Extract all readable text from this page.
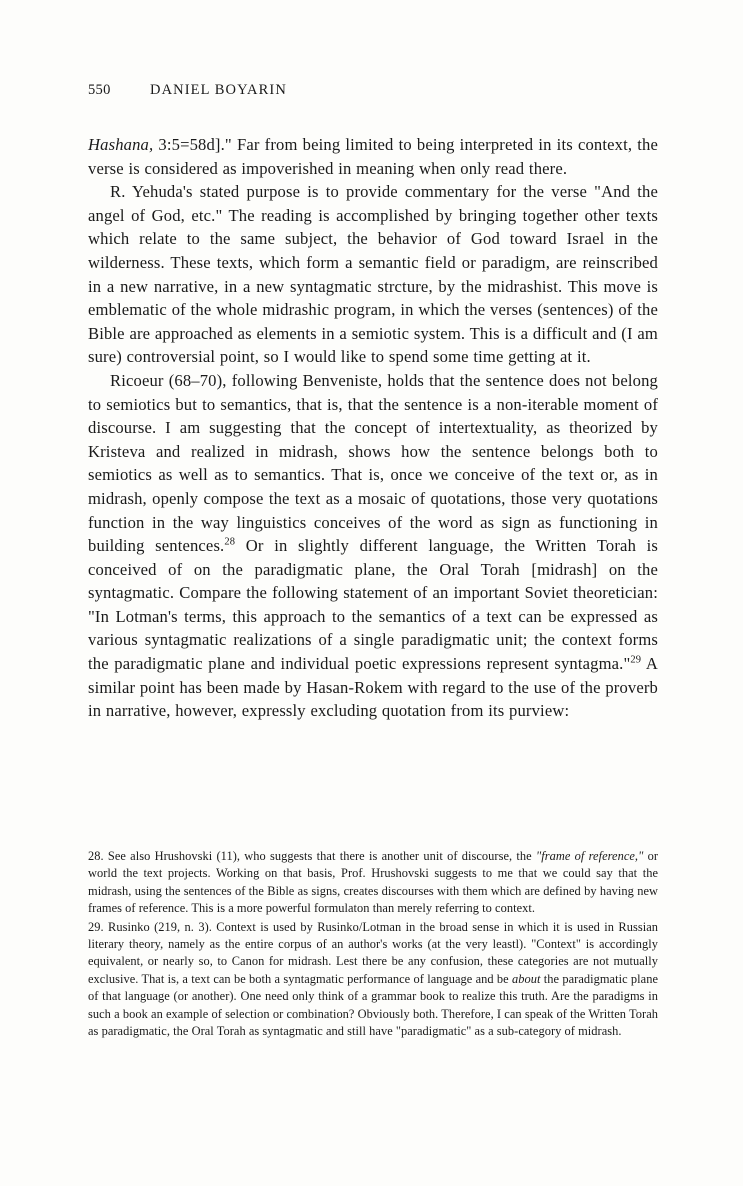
550	DANIEL BOYARIN

Hashana, 3:5=58d]." Far from being limited to being interpreted in its context, the verse is considered as impoverished in meaning when only read there.

R. Yehuda's stated purpose is to provide commentary for the verse "And the angel of God, etc." The reading is accomplished by bringing together other texts which relate to the same subject, the behavior of God toward Israel in the wilderness. These texts, which form a semantic field or paradigm, are reinscribed in a new narrative, in a new syntagmatic strcture, by the midrashist. This move is emblematic of the whole midrashic program, in which the verses (sentences) of the Bible are approached as elements in a semiotic system. This is a difficult and (I am sure) controversial point, so I would like to spend some time getting at it.

Ricoeur (68–70), following Benveniste, holds that the sentence does not belong to semiotics but to semantics, that is, that the sentence is a non-iterable moment of discourse. I am suggesting that the concept of intertextuality, as theorized by Kristeva and realized in midrash, shows how the sentence belongs both to semiotics as well as to semantics. That is, once we conceive of the text or, as in midrash, openly compose the text as a mosaic of quotations, those very quotations function in the way linguistics conceives of the word as sign as functioning in building sentences.$^{28}$ Or in slightly different language, the Written Torah is conceived of on the paradigmatic plane, the Oral Torah [midrash] on the syntagmatic. Compare the following statement of an important Soviet theoretician: "In Lotman's terms, this approach to the semantics of a text can be expressed as various syntagmatic realizations of a single paradigmatic unit; the context forms the paradigmatic plane and individual poetic expressions represent syntagma."$^{29}$ A similar point has been made by Hasan-Rokem with regard to the use of the proverb in narrative, however, expressly excluding quotation from its purview:

28. See also Hrushovski (11), who suggests that there is another unit of discourse, the "frame of reference," or world the text projects. Working on that basis, Prof. Hrushovski suggests to me that we could say that the midrash, using the sentences of the Bible as signs, creates discourses with them which are defined by having new frames of reference. This is a more powerful formulaton than merely referring to context.

29. Rusinko (219, n. 3). Context is used by Rusinko/Lotman in the broad sense in which it is used in Russian literary theory, namely as the entire corpus of an author's works (at the very leastl). "Context" is accordingly equivalent, or nearly so, to Canon for midrash. Lest there be any confusion, these categories are not mutually exclusive. That is, a text can be both a syntagmatic performance of language and be about the paradigmatic plane of that language (or another). One need only think of a grammar book to realize this truth. Are the paradigms in such a book an example of selection or combination? Obviously both. Therefore, I can speak of the Written Torah as paradigmatic, the Oral Torah as syntagmatic and still have "paradigmatic" as a sub-category of midrash.
